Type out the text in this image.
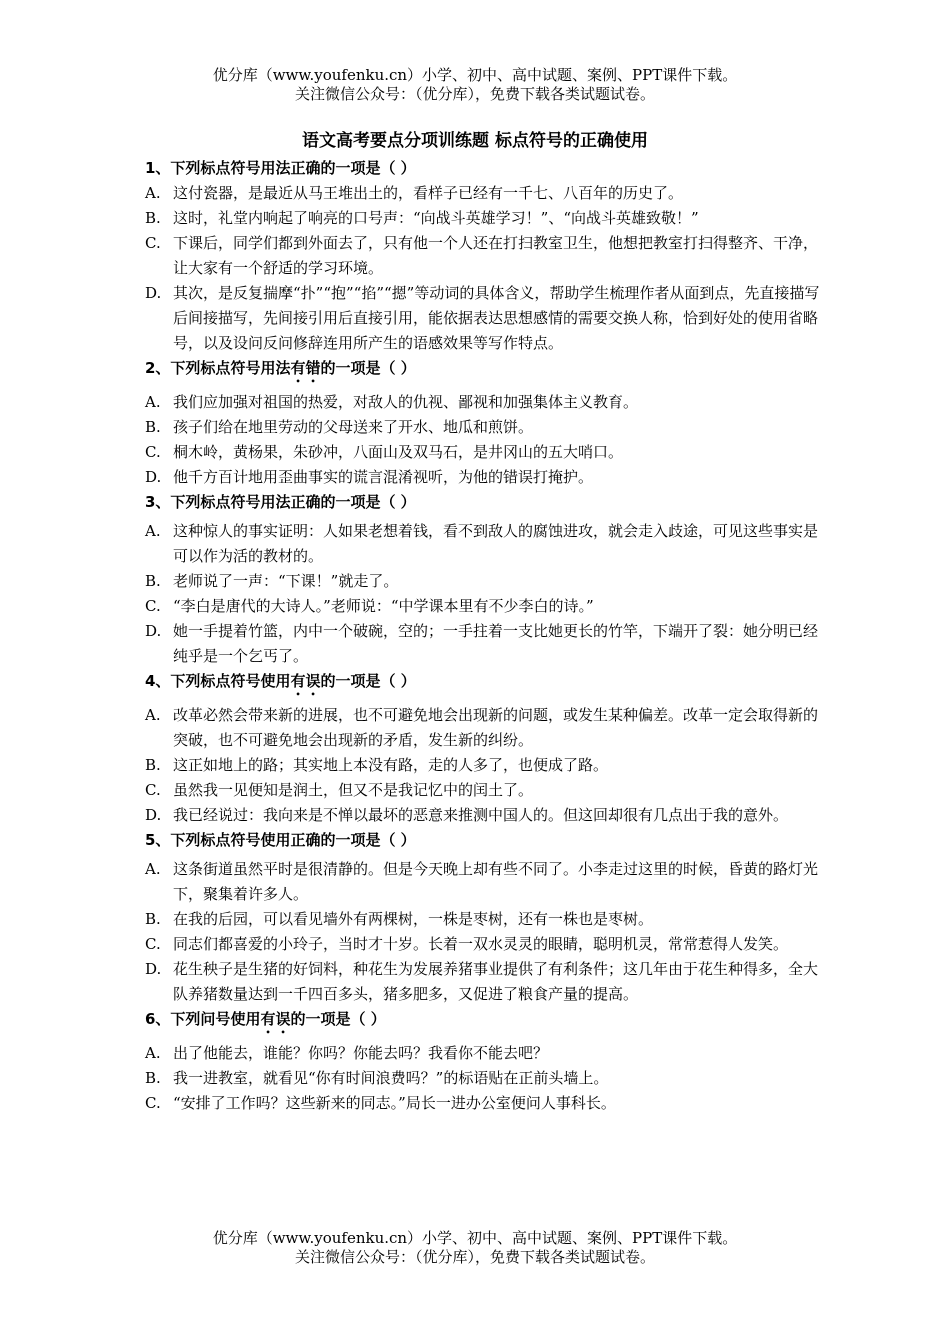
优分库（www.youfenku.cn）小学、初中、高中试题、案例、PPT课件下载。
关注微信公众号：（优分库），免费下载各类试题试卷。
语文高考要点分项训练题 标点符号的正确使用
1、下列标点符号用法正确的一项是（ ）
A. 这付瓷器，是最近从马王堆出土的，看样子已经有一千七、八百年的历史了。
B. 这时，礼堂内响起了响亮的口号声：“向战斗英雄学习！”、“向战斗英雄致敬！”
C. 下课后，同学们都到外面去了，只有他一个人还在打扫教室卫生，他想把教室打扫得整齐、干净，让大家有一个舒适的学习环境。
D. 其次，是反复揣摩“扑”“抱”“掐”“摁”等动词的具体含义，帮助学生梳理作者从面到点，先直接描写后间接描写，先间接引用后直接引用，能依据表达思想感情的需要交换人称，恰到好处的使用省略号，以及设问反问修辞连用所产生的语感效果等写作特点。
2、下列标点符号用法有错的一项是（ ）
A. 我们应加强对祖国的热爱，对敌人的仇视、鄙视和加强集体主义教育。
B. 孩子们给在地里劳动的父母送来了开水、地瓜和煎饼。
C. 桐木岭，黄杨果，朱砂冲，八面山及双马石，是井冈山的五大哨口。
D. 他千方百计地用歪曲事实的谎言混淆视听，为他的错误打掩护。
3、下列标点符号用法正确的一项是（ ）
A. 这种惊人的事实证明：人如果老想着钱，看不到敌人的腐蚀进攻，就会走入歧途，可见这些事实是可以作为活的教材的。
B. 老师说了一声：“下课！”就走了。
C. “李白是唐代的大诗人。”老师说：“中学课本里有不少李白的诗。”
D. 她一手提着竹篮，内中一个破碗，空的；一手拄着一支比她更长的竹竿，下端开了裂：她分明已经纯乎是一个乞丐了。
4、下列标点符号使用有误的一项是（ ）
A. 改革必然会带来新的进展，也不可避免地会出现新的问题，或发生某种偏差。改革一定会取得新的突破，也不可避免地会出现新的矛盾，发生新的纠纷。
B. 这正如地上的路；其实地上本没有路，走的人多了，也便成了路。
C. 虽然我一见便知是润土，但又不是我记忆中的闰土了。
D. 我已经说过：我向来是不惮以最坏的恶意来推测中国人的。但这回却很有几点出于我的意外。
5、下列标点符号使用正确的一项是（ ）
A. 这条街道虽然平时是很清静的。但是今天晚上却有些不同了。小李走过这里的时候，昏黄的路灯光下，聚集着许多人。
B. 在我的后园，可以看见墙外有两棵树，一株是枣树，还有一株也是枣树。
C. 同志们都喜爱的小玲子，当时才十岁。长着一双水灵灵的眼睛，聪明机灵，常常惹得人发笑。
D. 花生秧子是生猪的好饲料，种花生为发展养猪事业提供了有利条件；这几年由于花生种得多，全大队养猪数量达到一千四百多头，猪多肥多，又促进了粮食产量的提高。
6、下列问号使用有误的一项是（ ）
A. 出了他能去，谁能？你吗？你能去吗？我看你不能去吧？
B. 我一进教室，就看见“你有时间浪费吗？”的标语贴在正前头墙上。
C. “安排了工作吗？这些新来的同志。”局长一进办公室便问人事科长。
优分库（www.youfenku.cn）小学、初中、高中试题、案例、PPT课件下载。
关注微信公众号：（优分库），免费下载各类试题试卷。
